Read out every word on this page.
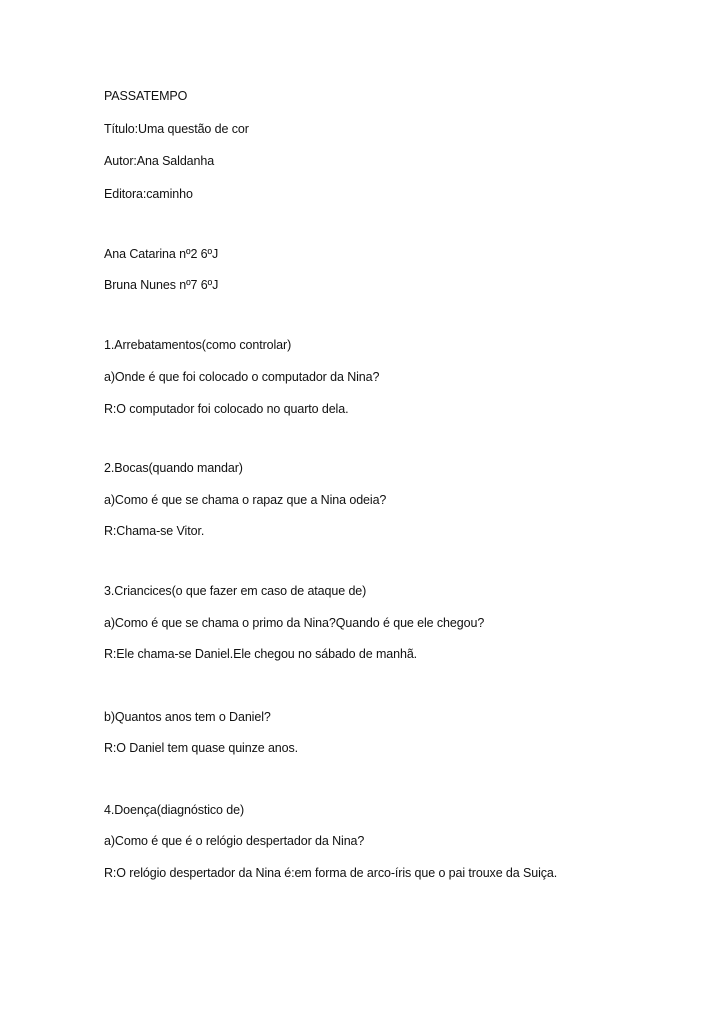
PASSATEMPO
Título:Uma questão de cor
Autor:Ana Saldanha
Editora:caminho
Ana Catarina nº2 6ºJ
Bruna Nunes nº7 6ºJ
1.Arrebatamentos(como controlar)
a)Onde é que foi colocado o computador da Nina?
R:O computador foi colocado no quarto dela.
2.Bocas(quando mandar)
a)Como é que se chama o rapaz que a Nina odeia?
R:Chama-se Vitor.
3.Criancices(o que fazer em caso de ataque de)
a)Como é que se chama o primo da Nina?Quando é que ele chegou?
R:Ele chama-se Daniel.Ele chegou no sábado de manhã.
b)Quantos anos tem o Daniel?
R:O Daniel tem quase quinze anos.
4.Doença(diagnóstico de)
a)Como é que é o relógio despertador da Nina?
R:O relógio despertador da Nina é:em forma de arco-íris que o pai trouxe da Suiça.
